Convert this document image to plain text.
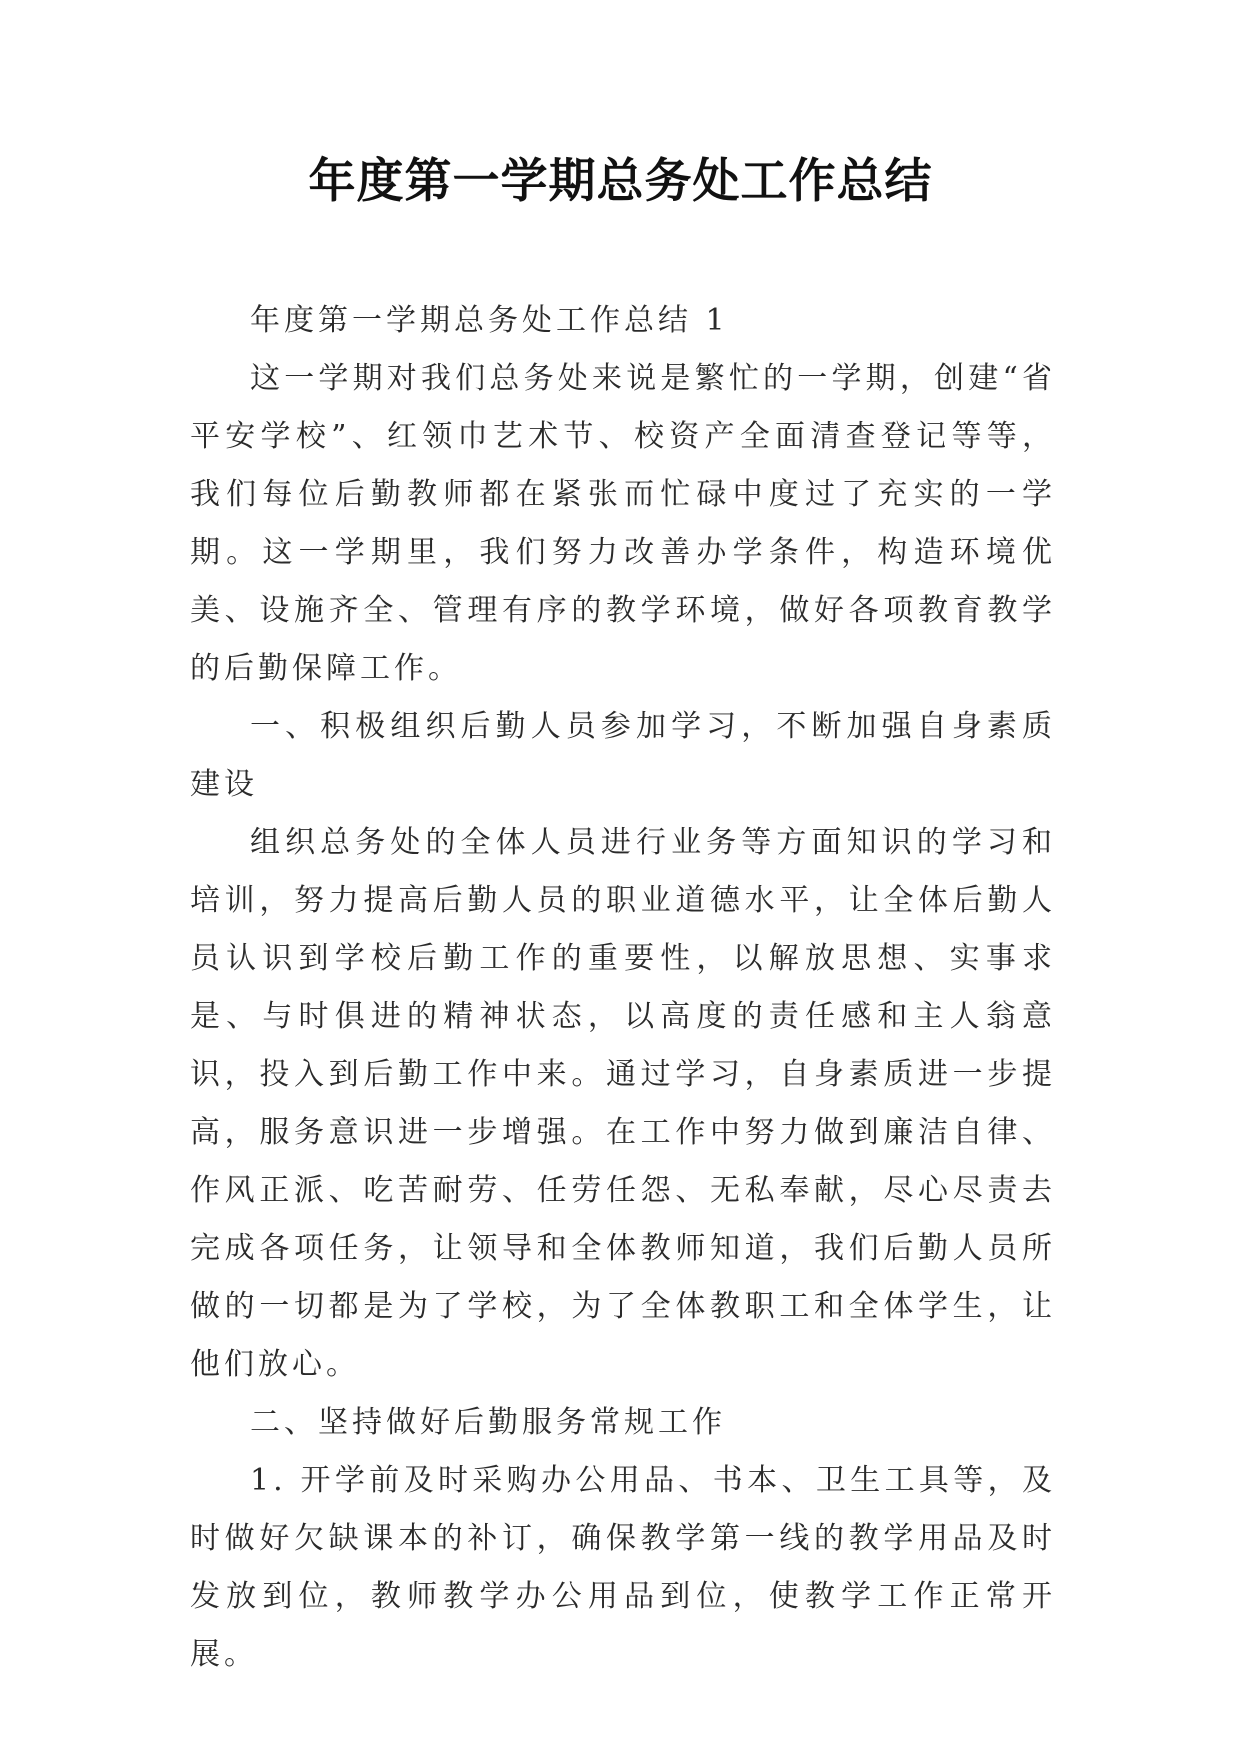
年度第一学期总务处工作总结

年度第一学期总务处工作总结 1

这一学期对我们总务处来说是繁忙的一学期，创建“省平安学校”、红领巾艺术节、校资产全面清查登记等等，我们每位后勤教师都在紧张而忙碌中度过了充实的一学期。这一学期里，我们努力改善办学条件，构造环境优美、设施齐全、管理有序的教学环境，做好各项教育教学的后勤保障工作。

一、积极组织后勤人员参加学习，不断加强自身素质建设

组织总务处的全体人员进行业务等方面知识的学习和培训，努力提高后勤人员的职业道德水平，让全体后勤人员认识到学校后勤工作的重要性，以解放思想、实事求是、与时俱进的精神状态，以高度的责任感和主人翁意识，投入到后勤工作中来。通过学习，自身素质进一步提高，服务意识进一步增强。在工作中努力做到廉洁自律、作风正派、吃苦耐劳、任劳任怨、无私奉献，尽心尽责去完成各项任务，让领导和全体教师知道，我们后勤人员所做的一切都是为了学校，为了全体教职工和全体学生，让他们放心。

二、坚持做好后勤服务常规工作

1. 开学前及时采购办公用品、书本、卫生工具等，及时做好欠缺课本的补订，确保教学第一线的教学用品及时发放到位，教师教学办公用品到位，使教学工作正常开展。
